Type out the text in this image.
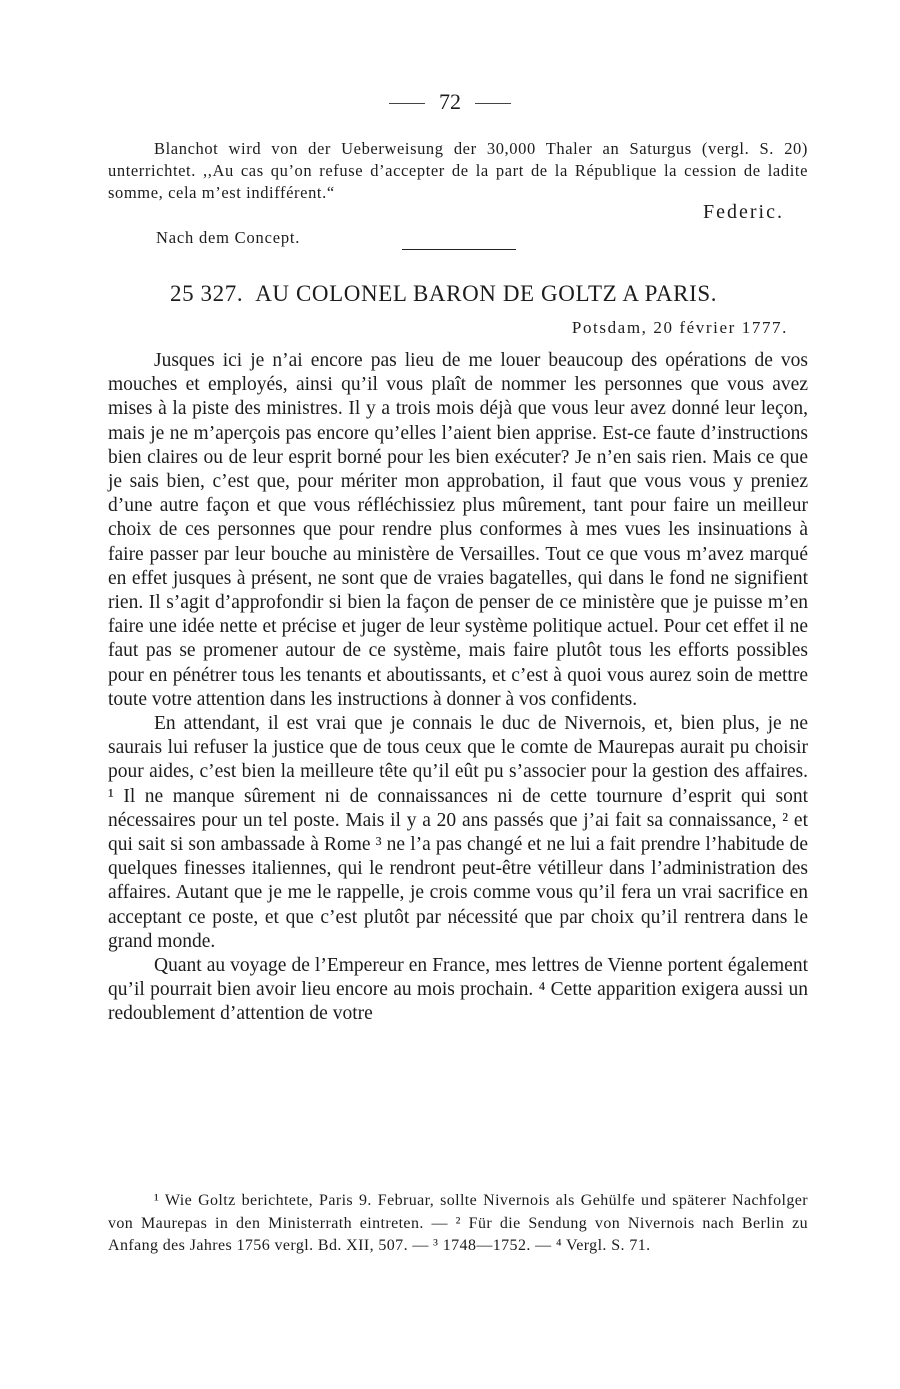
72

Blanchot wird von der Ueberweisung der 30,000 Thaler an Saturgus (vergl. S. 20) unterrichtet. ,,Au cas qu’on refuse d’accepter de la part de la République la cession de ladite somme, cela m’est indifférent.“

Federic.
Nach dem Concept.
25 327. AU COLONEL BARON DE GOLTZ A PARIS.
Potsdam, 20 février 1777.

Jusques ici je n’ai encore pas lieu de me louer beaucoup des opérations de vos mouches et employés, ainsi qu’il vous plaît de nommer les personnes que vous avez mises à la piste des ministres. Il y a trois mois déjà que vous leur avez donné leur leçon, mais je ne m’aperçois pas encore qu’elles l’aient bien apprise. Est-ce faute d’instructions bien claires ou de leur esprit borné pour les bien exécuter? Je n’en sais rien. Mais ce que je sais bien, c’est que, pour mériter mon approbation, il faut que vous vous y preniez d’une autre façon et que vous réfléchissiez plus mûrement, tant pour faire un meilleur choix de ces personnes que pour rendre plus conformes à mes vues les insinuations à faire passer par leur bouche au ministère de Versailles. Tout ce que vous m’avez marqué en effet jusques à présent, ne sont que de vraies bagatelles, qui dans le fond ne signifient rien. Il s’agit d’approfondir si bien la façon de penser de ce ministère que je puisse m’en faire une idée nette et précise et juger de leur système politique actuel. Pour cet effet il ne faut pas se promener autour de ce système, mais faire plutôt tous les efforts possibles pour en pénétrer tous les tenants et aboutissants, et c’est à quoi vous aurez soin de mettre toute votre attention dans les instructions à donner à vos confidents.

En attendant, il est vrai que je connais le duc de Nivernois, et, bien plus, je ne saurais lui refuser la justice que de tous ceux que le comte de Maurepas aurait pu choisir pour aides, c’est bien la meilleure tête qu’il eût pu s’associer pour la gestion des affaires. ¹ Il ne manque sûrement ni de connaissances ni de cette tournure d’esprit qui sont nécessaires pour un tel poste. Mais il y a 20 ans passés que j’ai fait sa connaissance, ² et qui sait si son ambassade à Rome ³ ne l’a pas changé et ne lui a fait prendre l’habitude de quelques finesses italiennes, qui le rendront peut-être vétilleur dans l’administration des affaires. Autant que je me le rappelle, je crois comme vous qu’il fera un vrai sacrifice en acceptant ce poste, et que c’est plutôt par nécessité que par choix qu’il rentrera dans le grand monde.

Quant au voyage de l’Empereur en France, mes lettres de Vienne portent également qu’il pourrait bien avoir lieu encore au mois prochain. ⁴ Cette apparition exigera aussi un redoublement d’attention de votre

¹ Wie Goltz berichtete, Paris 9. Februar, sollte Nivernois als Gehülfe und späterer Nachfolger von Maurepas in den Ministerrath eintreten. — ² Für die Sendung von Nivernois nach Berlin zu Anfang des Jahres 1756 vergl. Bd. XII, 507. — ³ 1748—1752. — ⁴ Vergl. S. 71.
